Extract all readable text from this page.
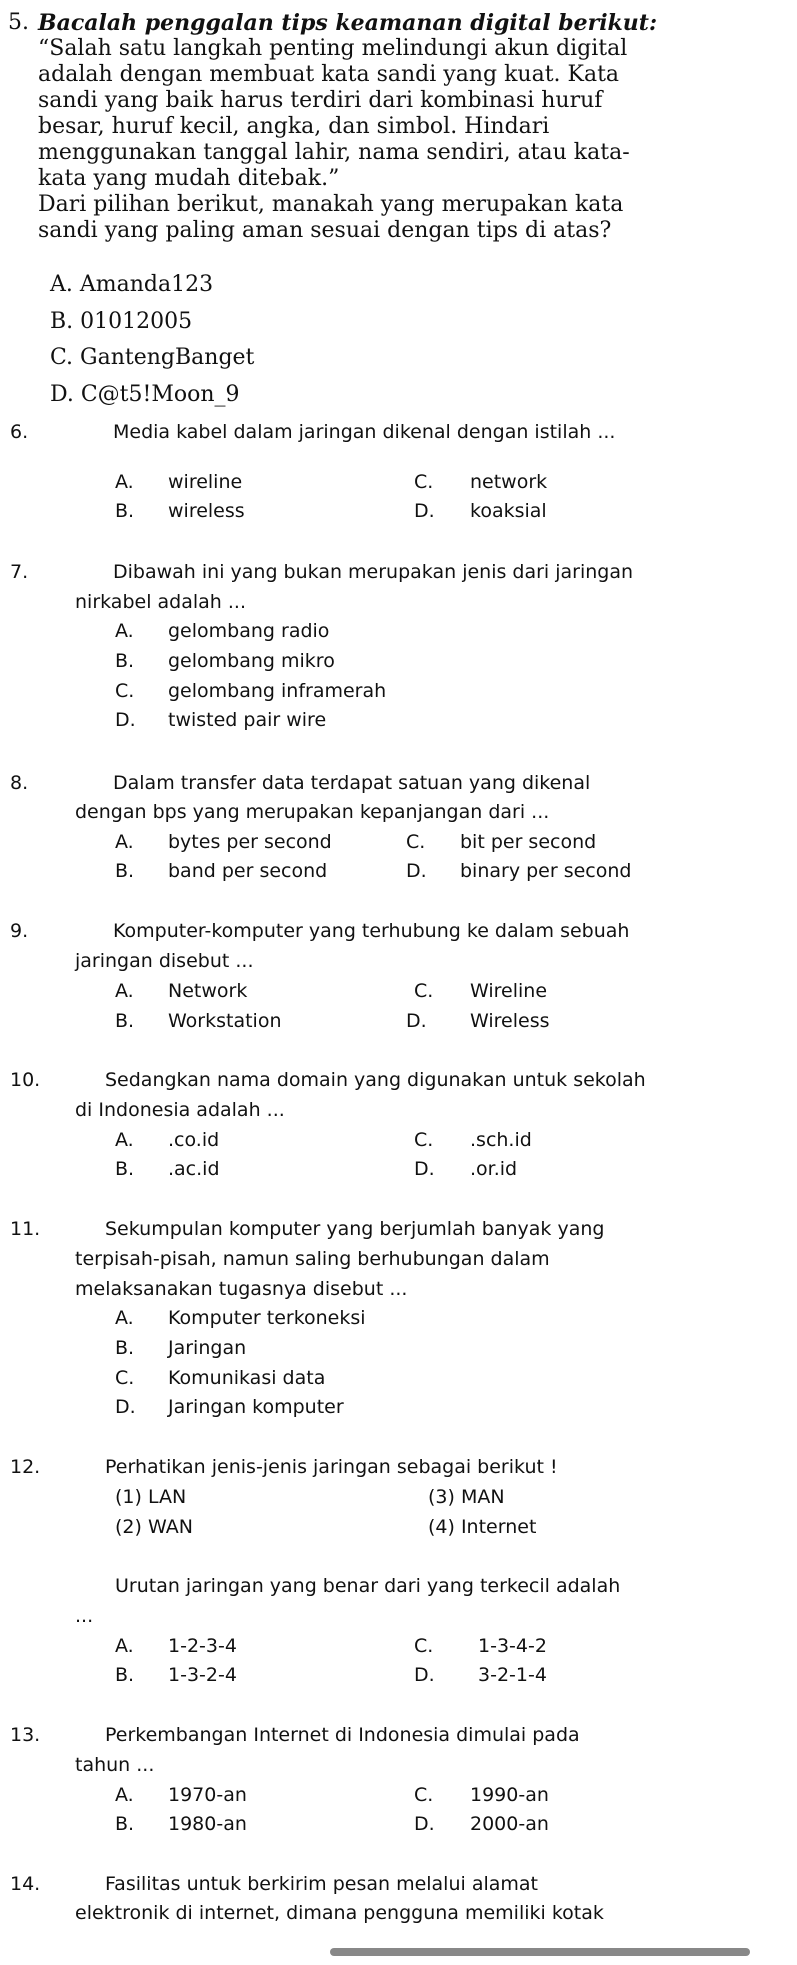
5. Bacalah penggalan tips keamanan digital berikut:

“Salah satu langkah penting melindungi akun digital

adalah dengan membuat kata sandi yang kuat. Kata

sandi yang baik harus terdiri dari kombinasi huruf

besar, huruf kecil, angka, dan simbol. Hindari

menggunakan tanggal lahir, nama sendiri, atau kata-

kata yang mudah ditebak.”

Dari pilihan berikut, manakah yang merupakan kata

sandi yang paling aman sesuai dengan tips di atas?

A. Amanda123
B. 01012005
C. GantengBanget
D. C@t5!Moon_9
6.	Media kabel dalam jaringan dikenal dengan istilah ...
A. wireline	C. network
B. wireless	D. koaksial
7.	Dibawah ini yang bukan merupakan jenis dari jaringan
nirkabel adalah ...
A. gelombang radio
B. gelombang mikro
C. gelombang inframerah
D. twisted pair wire
8.	Dalam transfer data terdapat satuan yang dikenal
dengan bps yang merupakan kepanjangan dari ...
A. bytes per second	C. bit per second
B. band per second	D. binary per second
9.	Komputer-komputer yang terhubung ke dalam sebuah
jaringan disebut ...
A. Network	C. Wireline
B. Workstation	D. Wireless
10.	Sedangkan nama domain yang digunakan untuk sekolah
di Indonesia adalah ...
A. .co.id	C. .sch.id
B. .ac.id	D. .or.id
11.	Sekumpulan komputer yang berjumlah banyak yang
terpisah-pisah, namun saling berhubungan dalam
melaksanakan tugasnya disebut ...
A. Komputer terkoneksi
B. Jaringan
C. Komunikasi data
D. Jaringan komputer
12.	Perhatikan jenis-jenis jaringan sebagai berikut !
(1) LAN	(3) MAN
(2) WAN	(4) Internet
Urutan jaringan yang benar dari yang terkecil adalah
...
A. 1-2-3-4	C. 1-3-4-2
B. 1-3-2-4	D. 3-2-1-4
13.	Perkembangan Internet di Indonesia dimulai pada
tahun ...
A. 1970-an	C. 1990-an
B. 1980-an	D. 2000-an
14.	Fasilitas untuk berkirim pesan melalui alamat
elektronik di internet, dimana pengguna memiliki kotak
